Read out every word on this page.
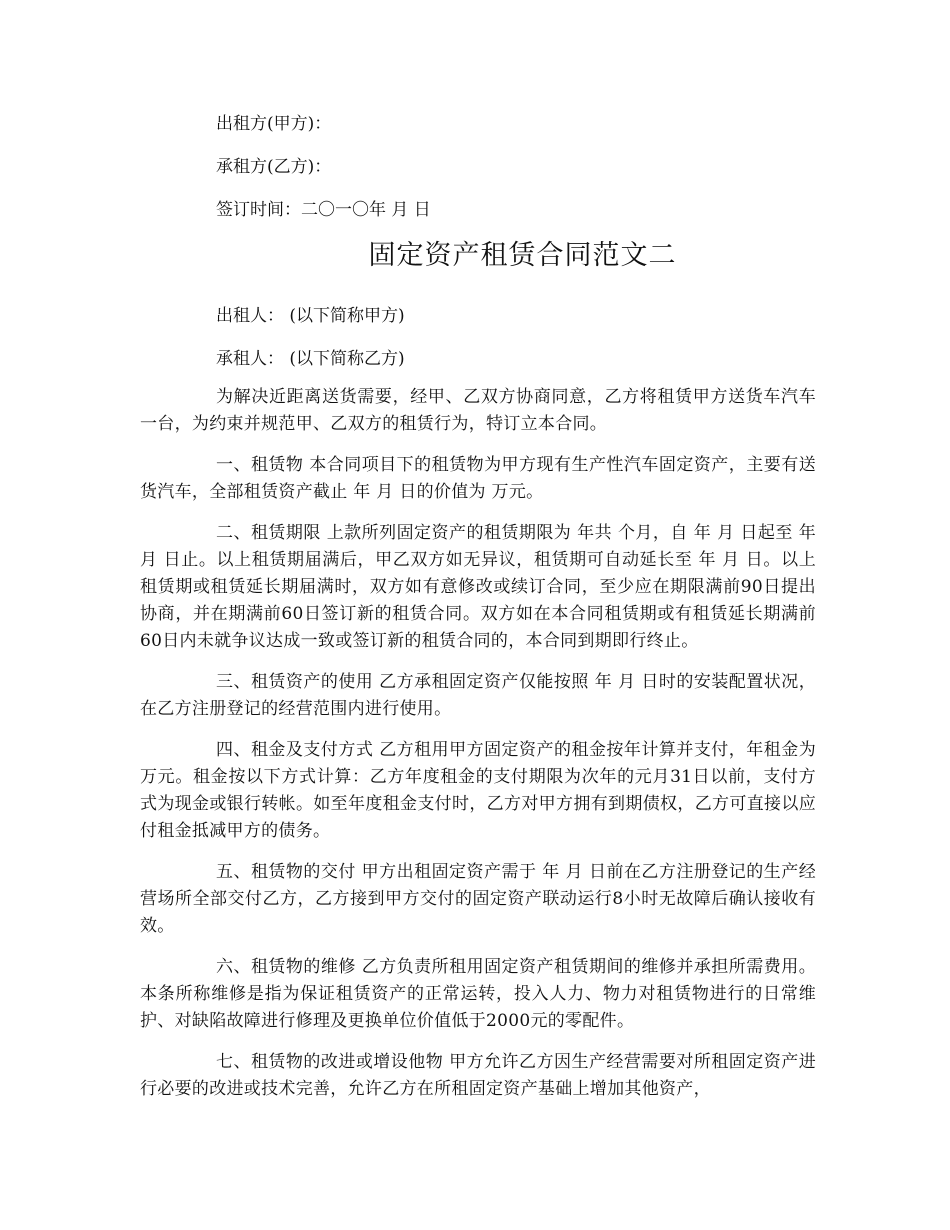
出租方(甲方)：
承租方(乙方)：
签订时间：二〇一〇年 月 日
固定资产租赁合同范文二
出租人： (以下简称甲方)
承租人： (以下简称乙方)

为解决近距离送货需要，经甲、乙双方协商同意，乙方将租赁甲方送货车汽车一台，为约束并规范甲、乙双方的租赁行为，特订立本合同。

一、租赁物 本合同项目下的租赁物为甲方现有生产性汽车固定资产，主要有送货汽车，全部租赁资产截止 年 月 日的价值为 万元。

二、租赁期限 上款所列固定资产的租赁期限为 年共 个月，自 年 月 日起至 年 月 日止。以上租赁期届满后，甲乙双方如无异议，租赁期可自动延长至 年 月 日。以上租赁期或租赁延长期届满时，双方如有意修改或续订合同，至少应在期限满前90日提出协商，并在期满前60日签订新的租赁合同。双方如在本合同租赁期或有租赁延长期满前60日内未就争议达成一致或签订新的租赁合同的，本合同到期即行终止。

三、租赁资产的使用 乙方承租固定资产仅能按照 年 月 日时的安装配置状况，在乙方注册登记的经营范围内进行使用。

四、租金及支付方式 乙方租用甲方固定资产的租金按年计算并支付，年租金为 万元。租金按以下方式计算：乙方年度租金的支付期限为次年的元月31日以前，支付方式为现金或银行转帐。如至年度租金支付时，乙方对甲方拥有到期债权，乙方可直接以应付租金抵减甲方的债务。

五、租赁物的交付 甲方出租固定资产需于 年 月 日前在乙方注册登记的生产经营场所全部交付乙方，乙方接到甲方交付的固定资产联动运行8小时无故障后确认接收有效。

六、租赁物的维修 乙方负责所租用固定资产租赁期间的维修并承担所需费用。本条所称维修是指为保证租赁资产的正常运转，投入人力、物力对租赁物进行的日常维护、对缺陷故障进行修理及更换单位价值低于2000元的零配件。

七、租赁物的改进或增设他物 甲方允许乙方因生产经营需要对所租固定资产进行必要的改进或技术完善，允许乙方在所租固定资产基础上增加其他资产，
